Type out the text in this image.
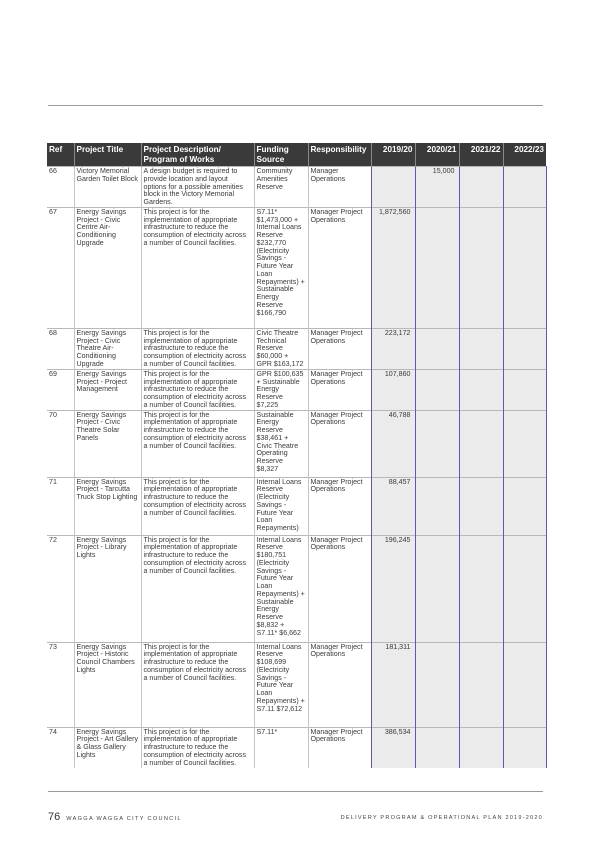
Ref	Project Title	Project Description/ Program of Works	Funding Source	Responsibility	2019/20	2020/21	2021/22	2022/23
66	Victory Memorial Garden Toilet Block	A design budget is required to provide location and layout options for a possible amenities block in the Victory Memorial Gardens.	Community Amenities Reserve	Manager Operations		15,000		
67	Energy Savings Project - Civic Centre Air-Conditioning Upgrade	This project is for the implementation of appropriate infrastructure to reduce the consumption of electricity across a number of Council facilities.	S7.11* $1,473,000 + Internal Loans Reserve $232,770 (Electricity Savings - Future Year Loan Repayments) + Sustainable Energy Reserve $166,790	Manager Project Operations	1,872,560			
68	Energy Savings Project - Civic Theatre Air-Conditioning Upgrade	This project is for the implementation of appropriate infrastructure to reduce the consumption of electricity across a number of Council facilities.	Civic Theatre Technical Reserve $60,000 + GPR $163,172	Manager Project Operations	223,172			
69	Energy Savings Project - Project Management	This project is for the implementation of appropriate infrastructure to reduce the consumption of electricity across a number of Council facilities.	GPR $100,635 + Sustainable Energy Reserve $7,225	Manager Project Operations	107,860			
70	Energy Savings Project - Civic Theatre Solar Panels	This project is for the implementation of appropriate infrastructure to reduce the consumption of electricity across a number of Council facilities.	Sustainable Energy Reserve $38,461 + Civic Theatre Operating Reserve $8,327	Manager Project Operations	46,788			
71	Energy Savings Project - Tarcutta Truck Stop Lighting	This project is for the implementation of appropriate infrastructure to reduce the consumption of electricity across a number of Council facilities.	Internal Loans Reserve (Electricity Savings - Future Year Loan Repayments)	Manager Project Operations	88,457			
72	Energy Savings Project - Library Lights	This project is for the implementation of appropriate infrastructure to reduce the consumption of electricity across a number of Council facilities.	Internal Loans Reserve $180,751 (Electricity Savings - Future Year Loan Repayments) + Sustainable Energy Reserve $8,832 + S7.11* $6,662	Manager Project Operations	196,245			
73	Energy Savings Project - Historic Council Chambers Lights	This project is for the implementation of appropriate infrastructure to reduce the consumption of electricity across a number of Council facilities.	Internal Loans Reserve $108,699 (Electricity Savings - Future Year Loan Repayments) + S7.11 $72,612	Manager Project Operations	181,311			
74	Energy Savings Project - Art Gallery & Glass Gallery Lights	This project is for the implementation of appropriate infrastructure to reduce the consumption of electricity across a number of Council facilities.	S7.11*	Manager Project Operations	386,534			
76 WAGGA WAGGA CITY COUNCIL	DELIVERY PROGRAM & OPERATIONAL PLAN 2019-2020
